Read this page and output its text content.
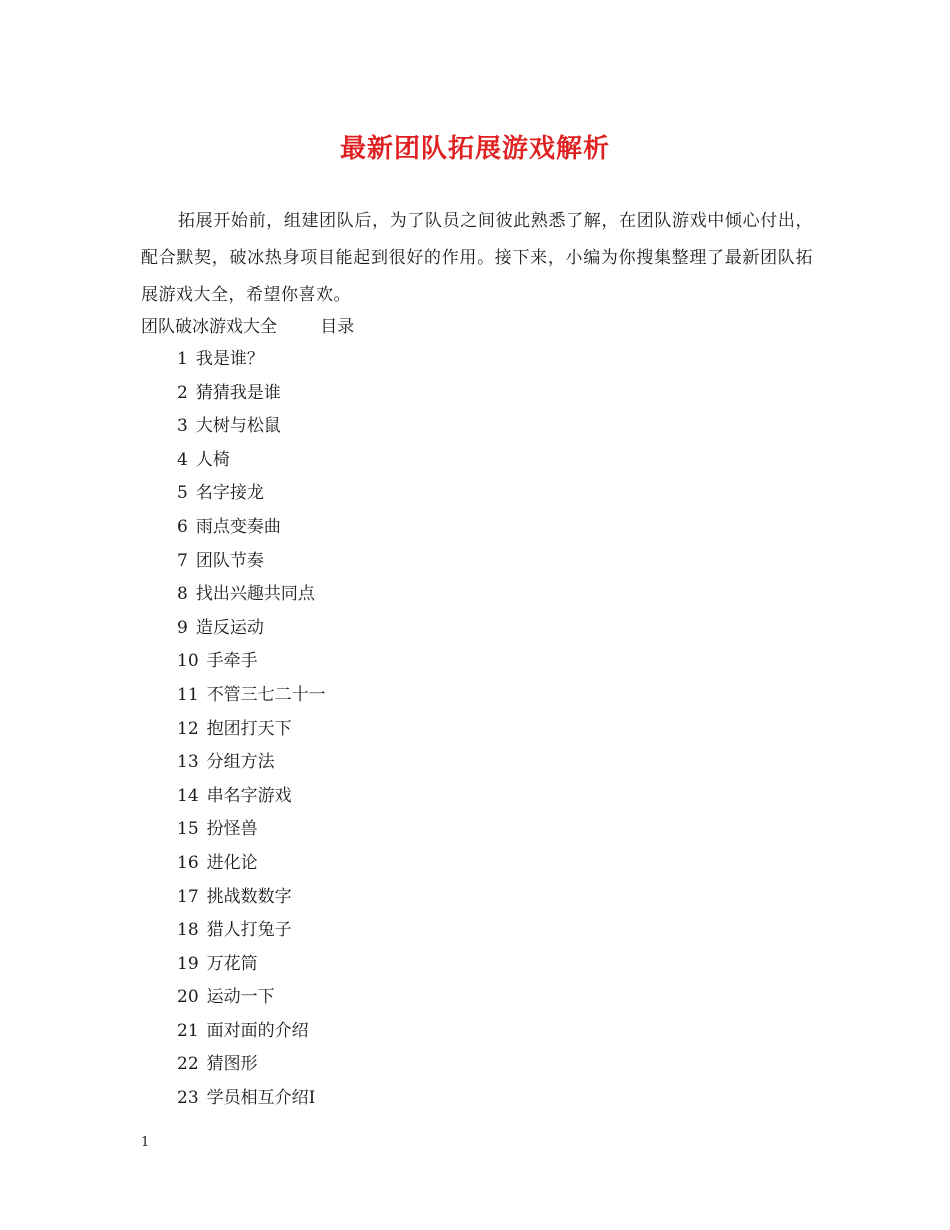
最新团队拓展游戏解析

拓展开始前，组建团队后，为了队员之间彼此熟悉了解，在团队游戏中倾心付出，配合默契，破冰热身项目能起到很好的作用。接下来，小编为你搜集整理了最新团队拓展游戏大全，希望你喜欢。

团队破冰游戏大全	目录
1 我是谁？
2 猜猜我是谁
3 大树与松鼠
4 人椅
5 名字接龙
6 雨点变奏曲
7 团队节奏
8 找出兴趣共同点
9 造反运动
10 手牵手
11 不管三七二十一
12 抱团打天下
13 分组方法
14 串名字游戏
15 扮怪兽
16 进化论
17 挑战数数字
18 猎人打兔子
19 万花筒
20 运动一下
21 面对面的介绍
22 猜图形
23 学员相互介绍Ⅰ
1
